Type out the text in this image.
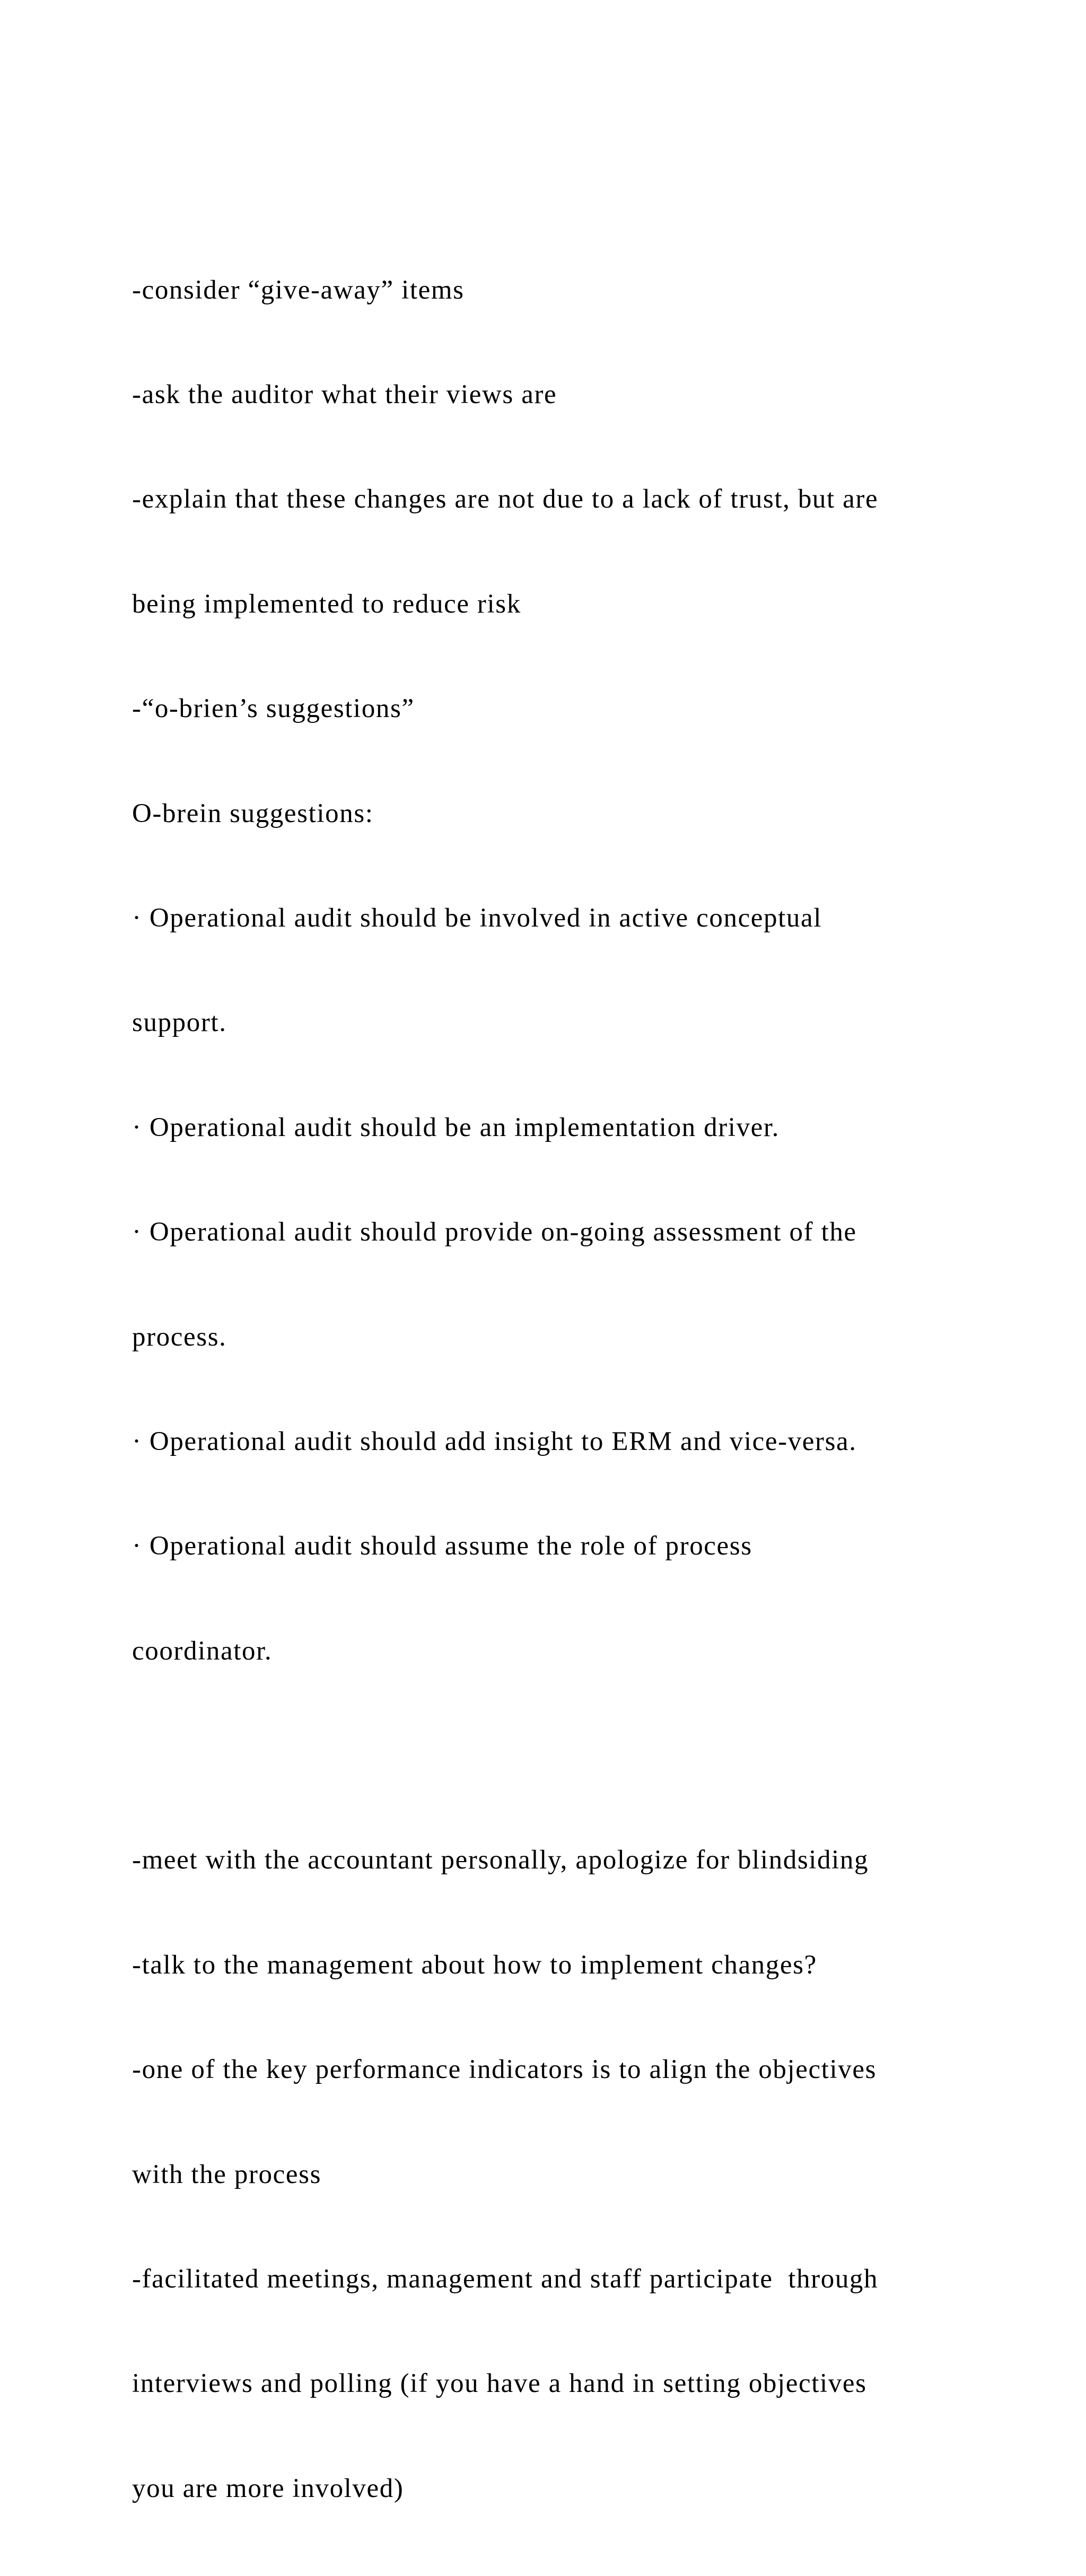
-consider “give-away” items

-ask the auditor what their views are

-explain that these changes are not due to a lack of trust, but are

being implemented to reduce risk

-“o-brien’s suggestions”

O-brein suggestions:

· Operational audit should be involved in active conceptual

support.

· Operational audit should be an implementation driver.

· Operational audit should provide on-going assessment of the

process.

· Operational audit should add insight to ERM and vice-versa.

· Operational audit should assume the role of process

coordinator.

-meet with the accountant personally, apologize for blindsiding

-talk to the management about how to implement changes?

-one of the key performance indicators is to align the objectives

with the process

-facilitated meetings, management and staff participate  through

interviews and polling (if you have a hand in setting objectives

you are more involved)
